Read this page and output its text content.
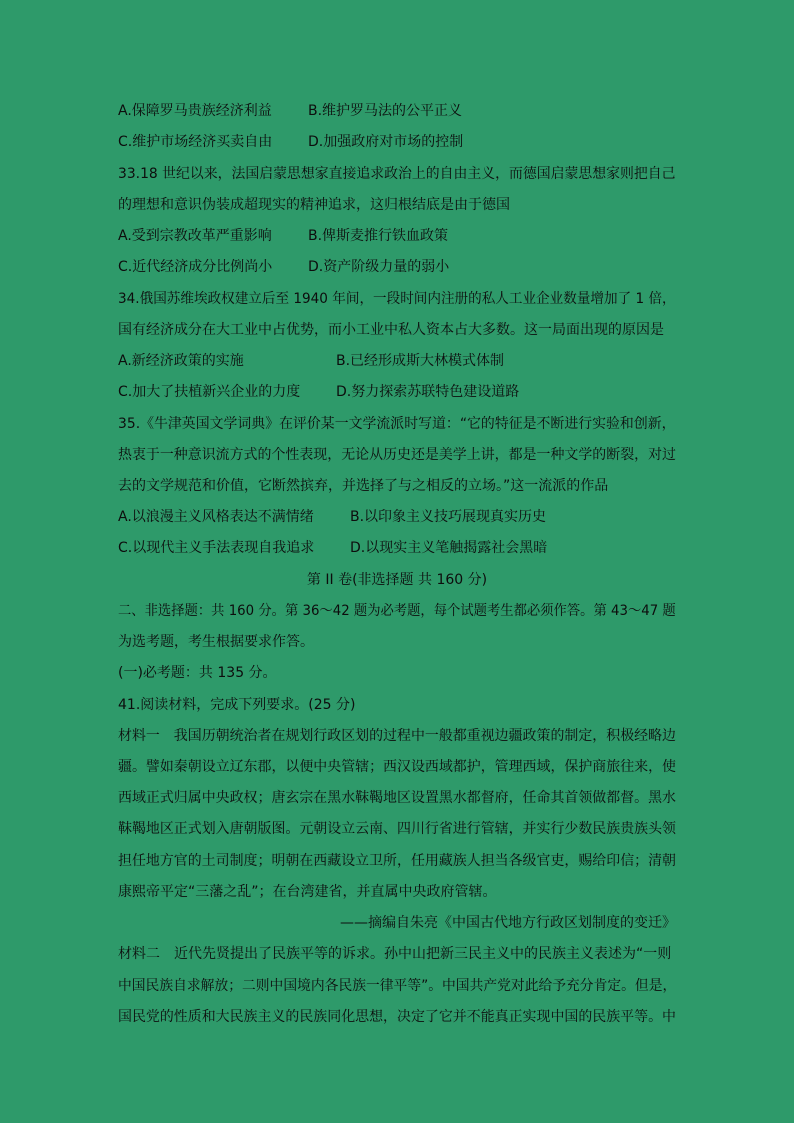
A.保障罗马贵族经济利益	B.维护罗马法的公平正义
C.维护市场经济买卖自由	D.加强政府对市场的控制
33.18 世纪以来，法国启蒙思想家直接追求政治上的自由主义，而德国启蒙思想家则把自己
的理想和意识伪装成超现实的精神追求，这归根结底是由于德国
A.受到宗教改革严重影响	B.俾斯麦推行铁血政策
C.近代经济成分比例尚小	D.资产阶级力量的弱小
34.俄国苏维埃政权建立后至 1940 年间，一段时间内注册的私人工业企业数量增加了 1 倍，
国有经济成分在大工业中占优势，而小工业中私人资本占大多数。这一局面出现的原因是
A.新经济政策的实施	B.已经形成斯大林模式体制
C.加大了扶植新兴企业的力度	D.努力探索苏联特色建设道路
35.《牛津英国文学词典》在评价某一文学流派时写道：“它的特征是不断进行实验和创新，
热衷于一种意识流方式的个性表现，无论从历史还是美学上讲，都是一种文学的断裂，对过
去的文学规范和价值，它断然摈弃，并选择了与之相反的立场。”这一流派的作品
A.以浪漫主义风格表达不满情绪	B.以印象主义技巧展现真实历史
C.以现代主义手法表现自我追求	D.以现实主义笔触揭露社会黑暗
第 II 卷(非选择题 共 160 分)
二、非选择题：共 160 分。第 36～42 题为必考题，每个试题考生都必须作答。第 43～47 题
为选考题，考生根据要求作答。
(一)必考题：共 135 分。
41.阅读材料，完成下列要求。(25 分)
材料一　我国历朝统治者在规划行政区划的过程中一般都重视边疆政策的制定，积极经略边
疆。譬如秦朝设立辽东郡，以便中央管辖；西汉设西域都护，管理西域，保护商旅往来，使
西域正式归属中央政权；唐玄宗在黑水靺鞨地区设置黑水都督府，任命其首领做都督。黑水
靺鞨地区正式划入唐朝版图。元朝设立云南、四川行省进行管辖，并实行少数民族贵族头领
担任地方官的土司制度；明朝在西藏设立卫所，任用藏族人担当各级官吏，赐给印信；清朝
康熙帝平定“三藩之乱”；在台湾建省，并直属中央政府管辖。
——摘编自朱亮《中国古代地方行政区划制度的变迁》
材料二　近代先贤提出了民族平等的诉求。孙中山把新三民主义中的民族主义表述为“一则
中国民族自求解放；二则中国境内各民族一律平等”。中国共产党对此给予充分肯定。但是，
国民党的性质和大民族主义的民族同化思想，决定了它并不能真正实现中国的民族平等。中
